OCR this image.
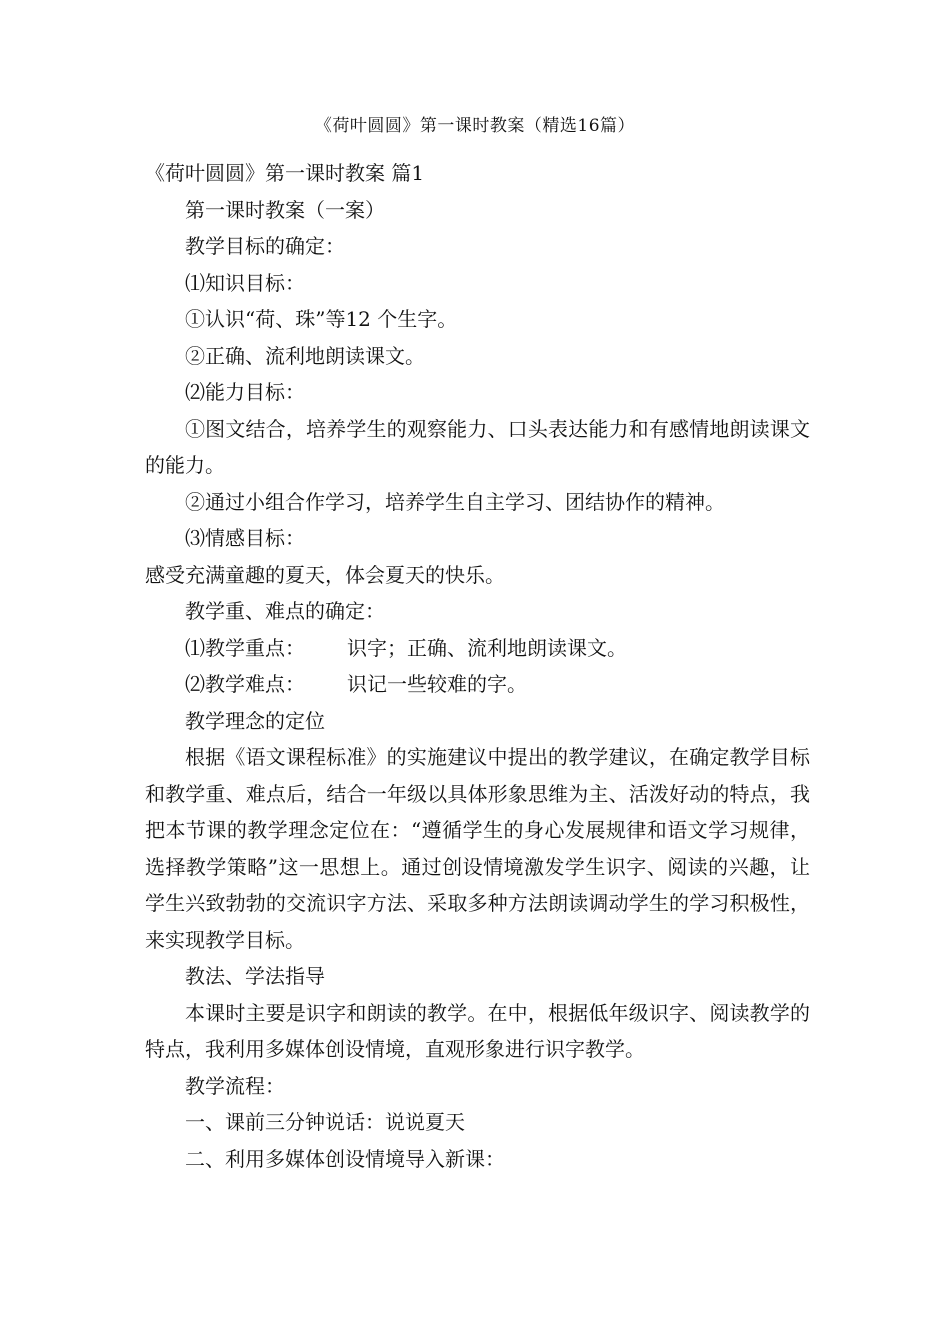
《荷叶圆圆》第一课时教案（精选16篇）

《荷叶圆圆》第一课时教案 篇1

第一课时教案（一案）

教学目标的确定：

⑴知识目标：

①认识“荷、珠”等12 个生字。

②正确、流利地朗读课文。

⑵能力目标：

①图文结合，培养学生的观察能力、口头表达能力和有感情地朗读课文的能力。

②通过小组合作学习，培养学生自主学习、团结协作的精神。

⑶情感目标：

感受充满童趣的夏天，体会夏天的快乐。

教学重、难点的确定：

⑴教学重点： 识字；正确、流利地朗读课文。

⑵教学难点： 识记一些较难的字。

教学理念的定位

根据《语文课程标准》的实施建议中提出的教学建议，在确定教学目标和教学重、难点后，结合一年级以具体形象思维为主、活泼好动的特点，我把本节课的教学理念定位在：“遵循学生的身心发展规律和语文学习规律，选择教学策略”这一思想上。通过创设情境激发学生识字、阅读的兴趣，让学生兴致勃勃的交流识字方法、采取多种方法朗读调动学生的学习积极性，来实现教学目标。

教法、学法指导

本课时主要是识字和朗读的教学。在中，根据低年级识字、阅读教学的特点，我利用多媒体创设情境，直观形象进行识字教学。

教学流程：

一、课前三分钟说话：说说夏天

二、利用多媒体创设情境导入新课：
